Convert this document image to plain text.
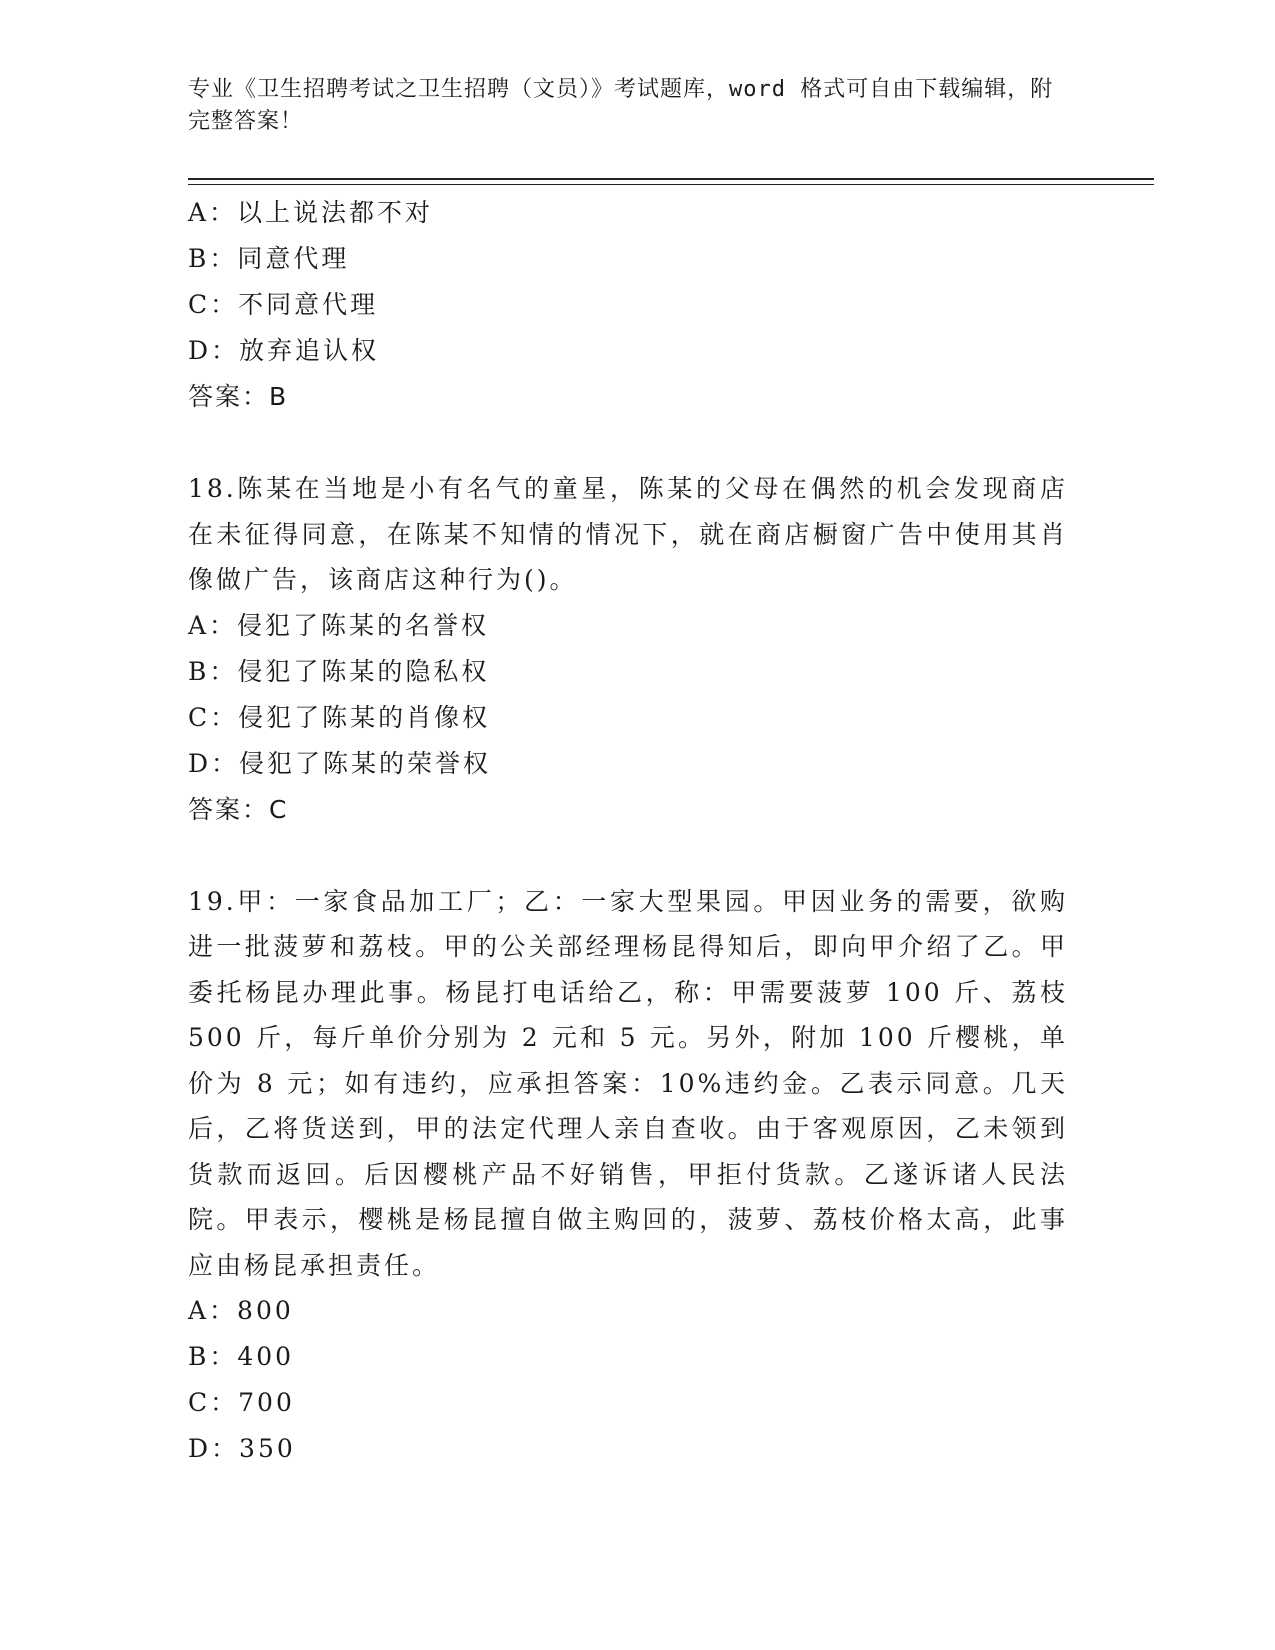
专业《卫生招聘考试之卫生招聘（文员）》考试题库，word 格式可自由下载编辑，附完整答案！
A：以上说法都不对
B：同意代理
C：不同意代理
D：放弃追认权
答案：B
18.陈某在当地是小有名气的童星，陈某的父母在偶然的机会发现商店在未征得同意，在陈某不知情的情况下，就在商店橱窗广告中使用其肖像做广告，该商店这种行为()。
A：侵犯了陈某的名誉权
B：侵犯了陈某的隐私权
C：侵犯了陈某的肖像权
D：侵犯了陈某的荣誉权
答案：C
19.甲：一家食品加工厂；乙：一家大型果园。甲因业务的需要，欲购进一批菠萝和荔枝。甲的公关部经理杨昆得知后，即向甲介绍了乙。甲委托杨昆办理此事。杨昆打电话给乙，称：甲需要菠萝 100 斤、荔枝 500 斤，每斤单价分别为 2 元和 5 元。另外，附加 100 斤樱桃，单价为 8 元；如有违约，应承担答案：10%违约金。乙表示同意。几天后，乙将货送到，甲的法定代理人亲自查收。由于客观原因，乙未领到货款而返回。后因樱桃产品不好销售，甲拒付货款。乙遂诉诸人民法院。甲表示，樱桃是杨昆擅自做主购回的，菠萝、荔枝价格太高，此事应由杨昆承担责任。
A：800
B：400
C：700
D：350
